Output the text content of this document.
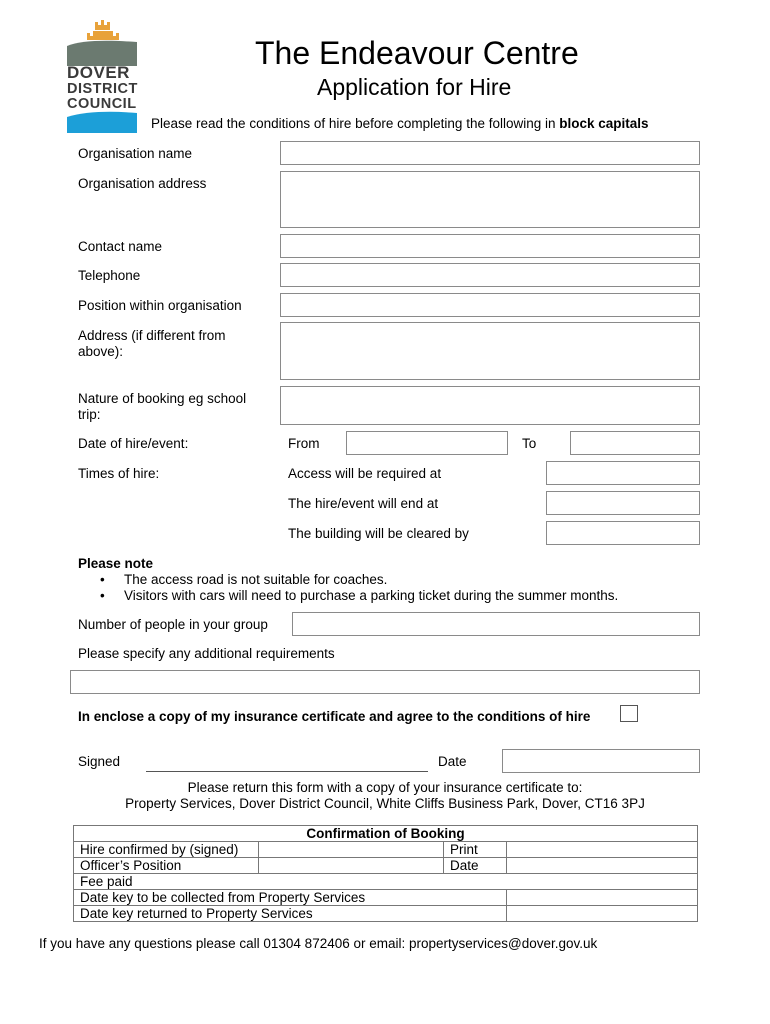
DOVER
DISTRICT
COUNCIL
The Endeavour Centre
Application for Hire
Please read the conditions of hire before completing the following in block capitals
Organisation name
Organisation address
Contact name
Telephone
Position within organisation
Address (if different from
above):
Nature of booking eg school
trip:
Date of hire/event:	From	To
Times of hire:	Access will be required at
The hire/event will end at
The building will be cleared by
Please note
• The access road is not suitable for coaches.
• Visitors with cars will need to purchase a parking ticket during the summer months.
Number of people in your group
Please specify any additional requirements
In enclose a copy of my insurance certificate and agree to the conditions of hire
Signed	Date
Please return this form with a copy of your insurance certificate to:
Property Services, Dover District Council, White Cliffs Business Park, Dover, CT16 3PJ
Confirmation of Booking			
Hire confirmed by (signed)		Print	
Officer’s Position		Date	
Fee paid			
Date key to be collected from Property Services			
Date key returned to Property Services			
If you have any questions please call 01304 872406 or email: propertyservices@dover.gov.uk
